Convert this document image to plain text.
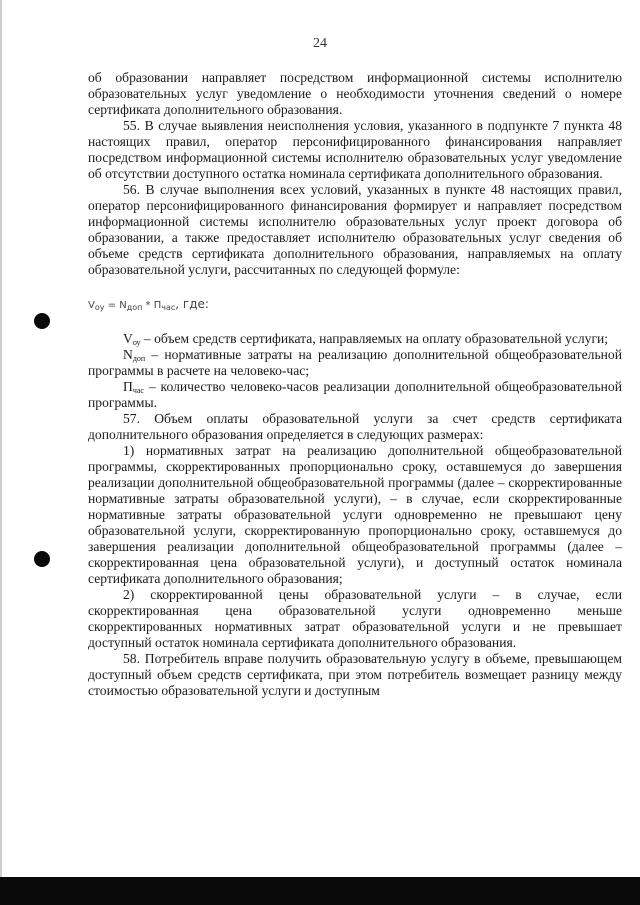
24

об образовании направляет посредством информационной системы исполнителю образовательных услуг уведомление о необходимости уточнения сведений о номере сертификата дополнительного образования.

55. В случае выявления неисполнения условия, указанного в подпункте 7 пункта 48 настоящих правил, оператор персонифицированного финансирования направляет посредством информационной системы исполнителю образовательных услуг уведомление об отсутствии доступного остатка номинала сертификата дополнительного образования.

56. В случае выполнения всех условий, указанных в пункте 48 настоящих правил, оператор персонифицированного финансирования формирует и направляет посредством информационной системы исполнителю образовательных услуг проект договора об образовании, а также предоставляет исполнителю образовательных услуг сведения об объеме средств сертификата дополнительного образования, направляемых на оплату образовательной услуги, рассчитанных по следующей формуле:

$V_{оу} = N_{доп} * П_{час}$, где:

$V_{оу}$ – объем средств сертификата, направляемых на оплату образовательной услуги;

$N_{доп}$ – нормативные затраты на реализацию дополнительной общеобразовательной программы в расчете на человеко-час;

$П_{час}$ – количество человеко-часов реализации дополнительной общеобразовательной программы.

57. Объем оплаты образовательной услуги за счет средств сертификата дополнительного образования определяется в следующих размерах:

1) нормативных затрат на реализацию дополнительной общеобразовательной программы, скорректированных пропорционально сроку, оставшемуся до завершения реализации дополнительной общеобразовательной программы (далее – скорректированные нормативные затраты образовательной услуги), – в случае, если скорректированные нормативные затраты образовательной услуги одновременно не превышают цену образовательной услуги, скорректированную пропорционально сроку, оставшемуся до завершения реализации дополнительной общеобразовательной программы (далее – скорректированная цена образовательной услуги), и доступный остаток номинала сертификата дополнительного образования;

2) скорректированной цены образовательной услуги – в случае, если скорректированная цена образовательной услуги одновременно меньше скорректированных нормативных затрат образовательной услуги и не превышает доступный остаток номинала сертификата дополнительного образования.

58. Потребитель вправе получить образовательную услугу в объеме, превышающем доступный объем средств сертификата, при этом потребитель возмещает разницу между стоимостью образовательной услуги и доступным
